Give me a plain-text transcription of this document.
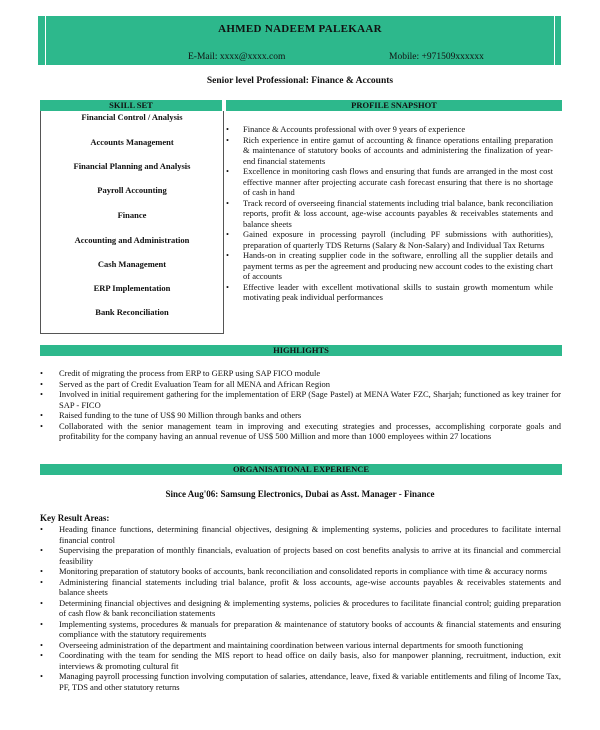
AHMED NADEEM PALEKAAR
E-Mail: xxxx@xxxx.com	Mobile: +971509xxxxxx
Senior level Professional: Finance & Accounts
SKILL SET	PROFILE SNAPSHOT
Financial Control / Analysis
Accounts Management
Financial Planning and Analysis
Payroll Accounting
Finance
Accounting and Administration
Cash Management
ERP Implementation
Bank Reconciliation
• Finance & Accounts professional with over 9 years of experience
• Rich experience in entire gamut of accounting & finance operations entailing preparation & maintenance of statutory books of accounts and administering the finalization of year-end financial statements
• Excellence in monitoring cash flows and ensuring that funds are arranged in the most cost effective manner after projecting accurate cash forecast ensuring that there is no shortage of cash in hand
• Track record of overseeing financial statements including trial balance, bank reconciliation reports, profit & loss account, age-wise accounts payables & receivables statements and balance sheets
• Gained exposure in processing payroll (including PF submissions with authorities), preparation of quarterly TDS Returns (Salary & Non-Salary) and Individual Tax Returns
• Hands-on in creating supplier code in the software, enrolling all the supplier details and payment terms as per the agreement and producing new account codes to the existing chart of accounts
• Effective leader with excellent motivational skills to sustain growth momentum while motivating peak individual performances
HIGHLIGHTS
• Credit of migrating the process from ERP to GERP using SAP FICO module
• Served as the part of Credit Evaluation Team for all MENA and African Region
• Involved in initial requirement gathering for the implementation of ERP (Sage Pastel) at MENA Water FZC, Sharjah; functioned as key trainer for SAP - FICO
• Raised funding to the tune of US$ 90 Million through banks and others
• Collaborated with the senior management team in improving and executing strategies and processes, accomplishing corporate goals and profitability for the company having an annual revenue of US$ 500 Million and more than 1000 employees within 27 locations
ORGANISATIONAL EXPERIENCE
Since Aug'06: Samsung Electronics, Dubai as Asst. Manager - Finance
Key Result Areas:
• Heading finance functions, determining financial objectives, designing & implementing systems, policies and procedures to facilitate internal financial control
• Supervising the preparation of monthly financials, evaluation of projects based on cost benefits analysis to arrive at its financial and commercial feasibility
• Monitoring preparation of statutory books of accounts, bank reconciliation and consolidated reports in compliance with time & accuracy norms
• Administering financial statements including trial balance, profit & loss accounts, age-wise accounts payables & receivables statements and balance sheets
• Determining financial objectives and designing & implementing systems, policies & procedures to facilitate financial control; guiding preparation of cash flow & bank reconciliation statements
• Implementing systems, procedures & manuals for preparation & maintenance of statutory books of accounts & financial statements and ensuring compliance with the statutory requirements
• Overseeing administration of the department and maintaining coordination between various internal departments for smooth functioning
• Coordinating with the team for sending the MIS report to head office on daily basis, also for manpower planning, recruitment, induction, exit interviews & promoting cultural fit
• Managing payroll processing function involving computation of salaries, attendance, leave, fixed & variable entitlements and filing of Income Tax, PF, TDS and other statutory returns
